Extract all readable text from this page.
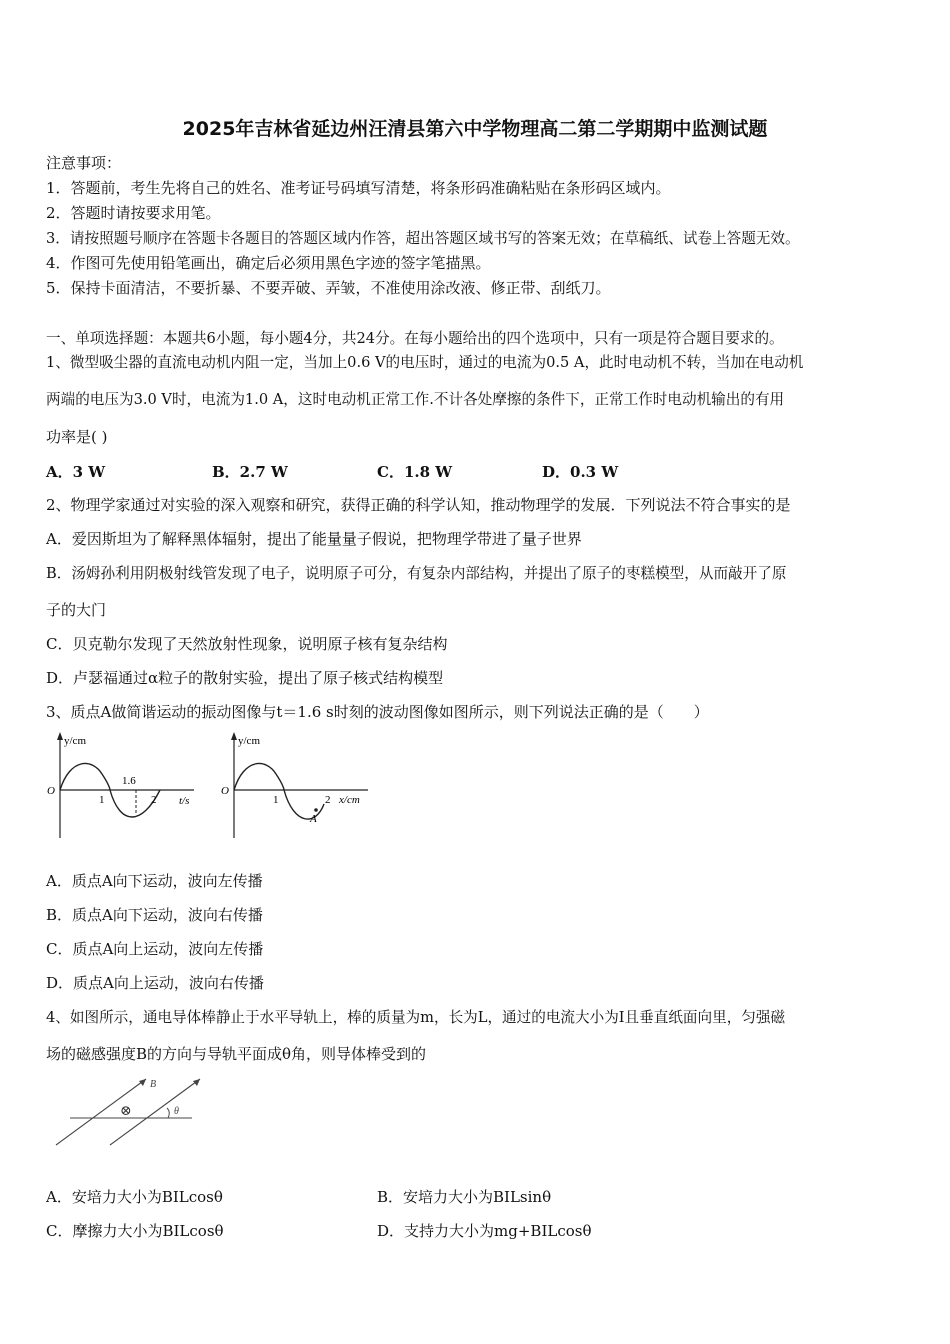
2025年吉林省延边州汪清县第六中学物理高二第二学期期中监测试题
注意事项：
1．答题前，考生先将自己的姓名、准考证号码填写清楚，将条形码准确粘贴在条形码区域内。
2．答题时请按要求用笔。
3．请按照题号顺序在答题卡各题目的答题区域内作答，超出答题区域书写的答案无效；在草稿纸、试卷上答题无效。
4．作图可先使用铅笔画出，确定后必须用黑色字迹的签字笔描黑。
5．保持卡面清洁，不要折暴、不要弄破、弄皱，不准使用涂改液、修正带、刮纸刀。
一、单项选择题：本题共6小题，每小题4分，共24分。在每小题给出的四个选项中，只有一项是符合题目要求的。
1、微型吸尘器的直流电动机内阻一定，当加上0.6 V的电压时，通过的电流为0.5 A，此时电动机不转，当加在电动机
两端的电压为3.0 V时，电流为1.0 A，这时电动机正常工作.不计各处摩擦的条件下，正常工作时电动机输出的有用
功率是( )
A．3 W	B．2.7 W	C．1.8 W	D．0.3 W
2、物理学家通过对实验的深入观察和研究，获得正确的科学认知，推动物理学的发展．下列说法不符合事实的是
A．爱因斯坦为了解释黑体辐射，提出了能量量子假说，把物理学带进了量子世界
B．汤姆孙利用阴极射线管发现了电子，说明原子可分，有复杂内部结构，并提出了原子的枣糕模型，从而敲开了原
子的大门
C．贝克勒尔发现了天然放射性现象，说明原子核有复杂结构
D．卢瑟福通过α粒子的散射实验，提出了原子核式结构模型
3、质点A做简谐运动的振动图像与t＝1.6 s时刻的波动图像如图所示，则下列说法正确的是（　　）
y/cm
O
1
1.6
2 t/s
y/cm
O
1	2 x/cm
A
A．质点A向下运动，波向左传播
B．质点A向下运动，波向右传播
C．质点A向上运动，波向左传播
D．质点A向上运动，波向右传播
4、如图所示，通电导体棒静止于水平导轨上，棒的质量为m，长为L，通过的电流大小为I且垂直纸面向里，匀强磁
场的磁感强度B的方向与导轨平面成θ角，则导体棒受到的
⊗
B
θ
A．安培力大小为BILcosθ	B．安培力大小为BILsinθ
C．摩擦力大小为BILcosθ	D．支持力大小为mg+BILcosθ
